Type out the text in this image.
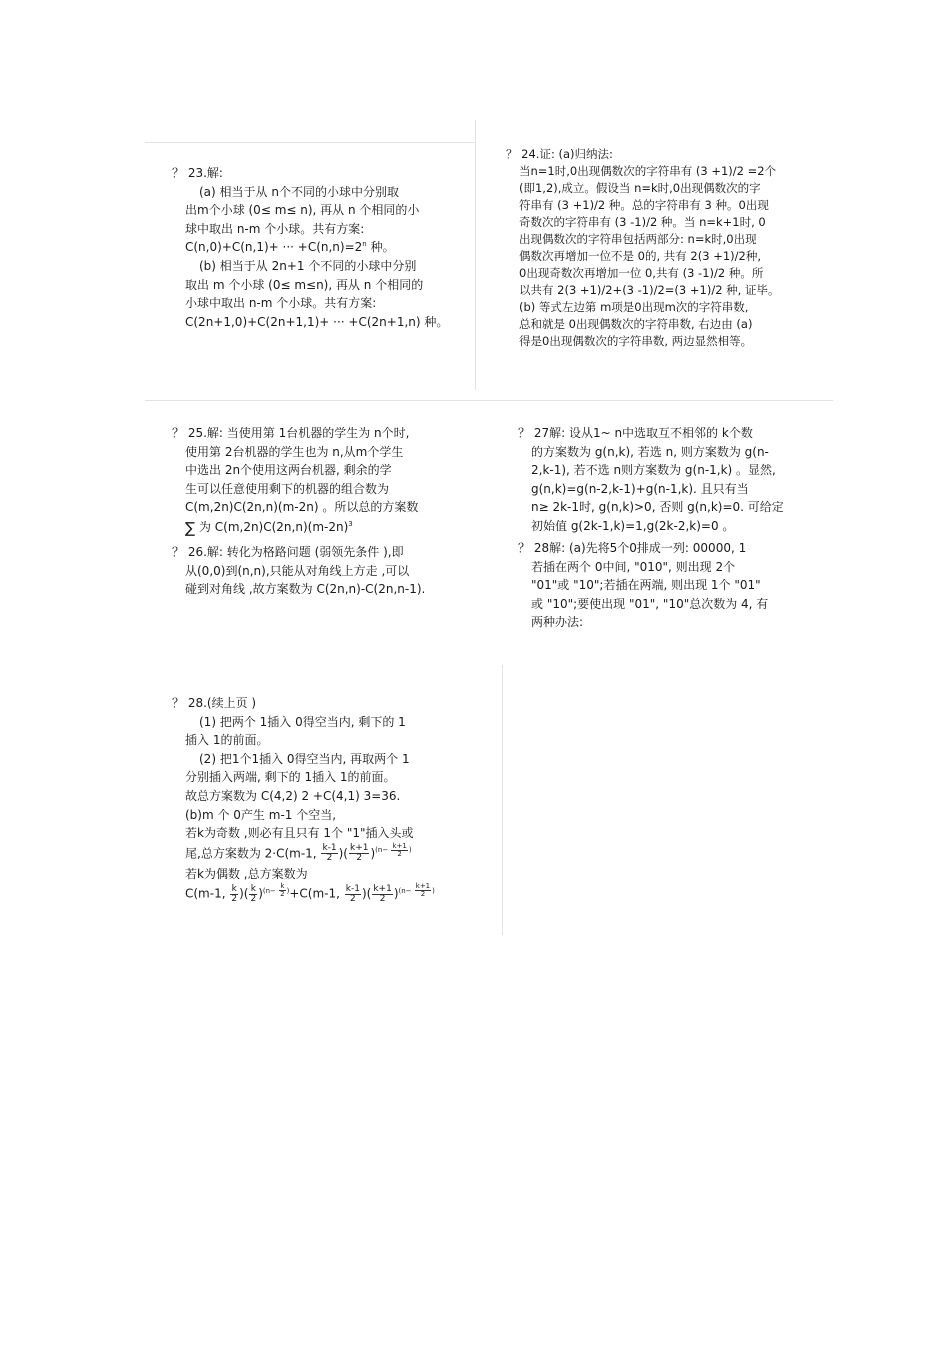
？ 23.解:
(a) 相当于从 n个不同的小球中分别取
出m个小球 (0≤ m≤ n), 再从 n 个相同的小
球中取出 n-m 个小球。共有方案:
C(n,0)+C(n,1)+ ··· $+C(n,n)=2^n$ 种。
(b) 相当于从 2n+1 个不同的小球中分别
取出 m 个小球 (0≤ m≤n), 再从 n 个相同的
小球中取出 n-m 个小球。共有方案:
C(2n+1,0)+C(2n+1,1)+ ··· +C(2n+1,n) 种。
？ 24.证: (a)归纳法:
当n=1时,0出现偶数次的字符串有 (3 +1)/2 =2个
(即1,2),成立。假设当 n=k时,0出现偶数次的字
符串有 (3 +1)/2 种。总的字符串有 3 种。0出现
奇数次的字符串有 (3 -1)/2 种。当 n=k+1时, 0
出现偶数次的字符串包括两部分: n=k时,0出现
偶数次再增加一位不是 0的, 共有 2(3 +1)/2种,
0出现奇数次再增加一位 0,共有 (3 -1)/2 种。所
以共有 2(3 +1)/2+(3 -1)/2=(3 +1)/2 种, 证毕。
(b) 等式左边第 m项是0出现m次的字符串数,
总和就是 0出现偶数次的字符串数, 右边由 (a)
得是0出现偶数次的字符串数, 两边显然相等。
？ 25.解: 当使用第 1台机器的学生为 n个时,
使用第 2台机器的学生也为 n,从m个学生
中选出 2n个使用这两台机器, 剩余的学
生可以任意使用剩下的机器的组合数为
C(m,2n)C(2n,n)(m-2n) 。所以总的方案数
∑ 为 $C(m,2n)C(2n,n)(m-2n)^3$
？ 26.解: 转化为格路问题 (弱领先条件 ),即
从(0,0)到(n,n),只能从对角线上方走 ,可以
碰到对角线 ,故方案数为 C(2n,n)-C(2n,n-1).
？ 27解: 设从1~ n中选取互不相邻的 k个数
的方案数为 g(n,k), 若选 n, 则方案数为 g(n-
2,k-1), 若不选 n则方案数为 g(n-1,k) 。显然,
g(n,k)=g(n-2,k-1)+g(n-1,k). 且只有当
n≥ 2k-1时, g(n,k)>0, 否则 g(n,k)=0. 可给定
初始值 g(2k-1,k)=1,g(2k-2,k)=0 。
？ 28解: (a)先将5个0排成一列: 00000, 1
若插在两个 0中间, "010", 则出现 2个
"01"或 "10";若插在两端, 则出现 1个 "01"
或 "10";要使出现 "01", "10"总次数为 4, 有
两种办法:
？ 28.(续上页 )
(1) 把两个 1插入 0得空当内, 剩下的 1
插入 1的前面。
(2) 把1个1插入 0得空当内, 再取两个 1
分别插入两端, 剩下的 1插入 1的前面。
故总方案数为 C(4,2) 2 +C(4,1) 3=36.
(b)m 个 0产生 m-1 个空当,
若k为奇数 ,则必有且只有 1个 "1"插入头或
尾,总方案数为 2·C(m-1, $\frac{k-1}{2}$ )( $\frac{k+1}{2} )^{(n- \frac{k+1}{2} )}$
若k为偶数 ,总方案数为
C(m-1, $\frac{k}{2}$ )( $\frac{k}{2} )^{(n- \frac{k}{2} )}+C(m-1$, $\frac{k-1}{2}$ )( $\frac{k+1}{2} )^{(n- \frac{k+1}{2} )}$
